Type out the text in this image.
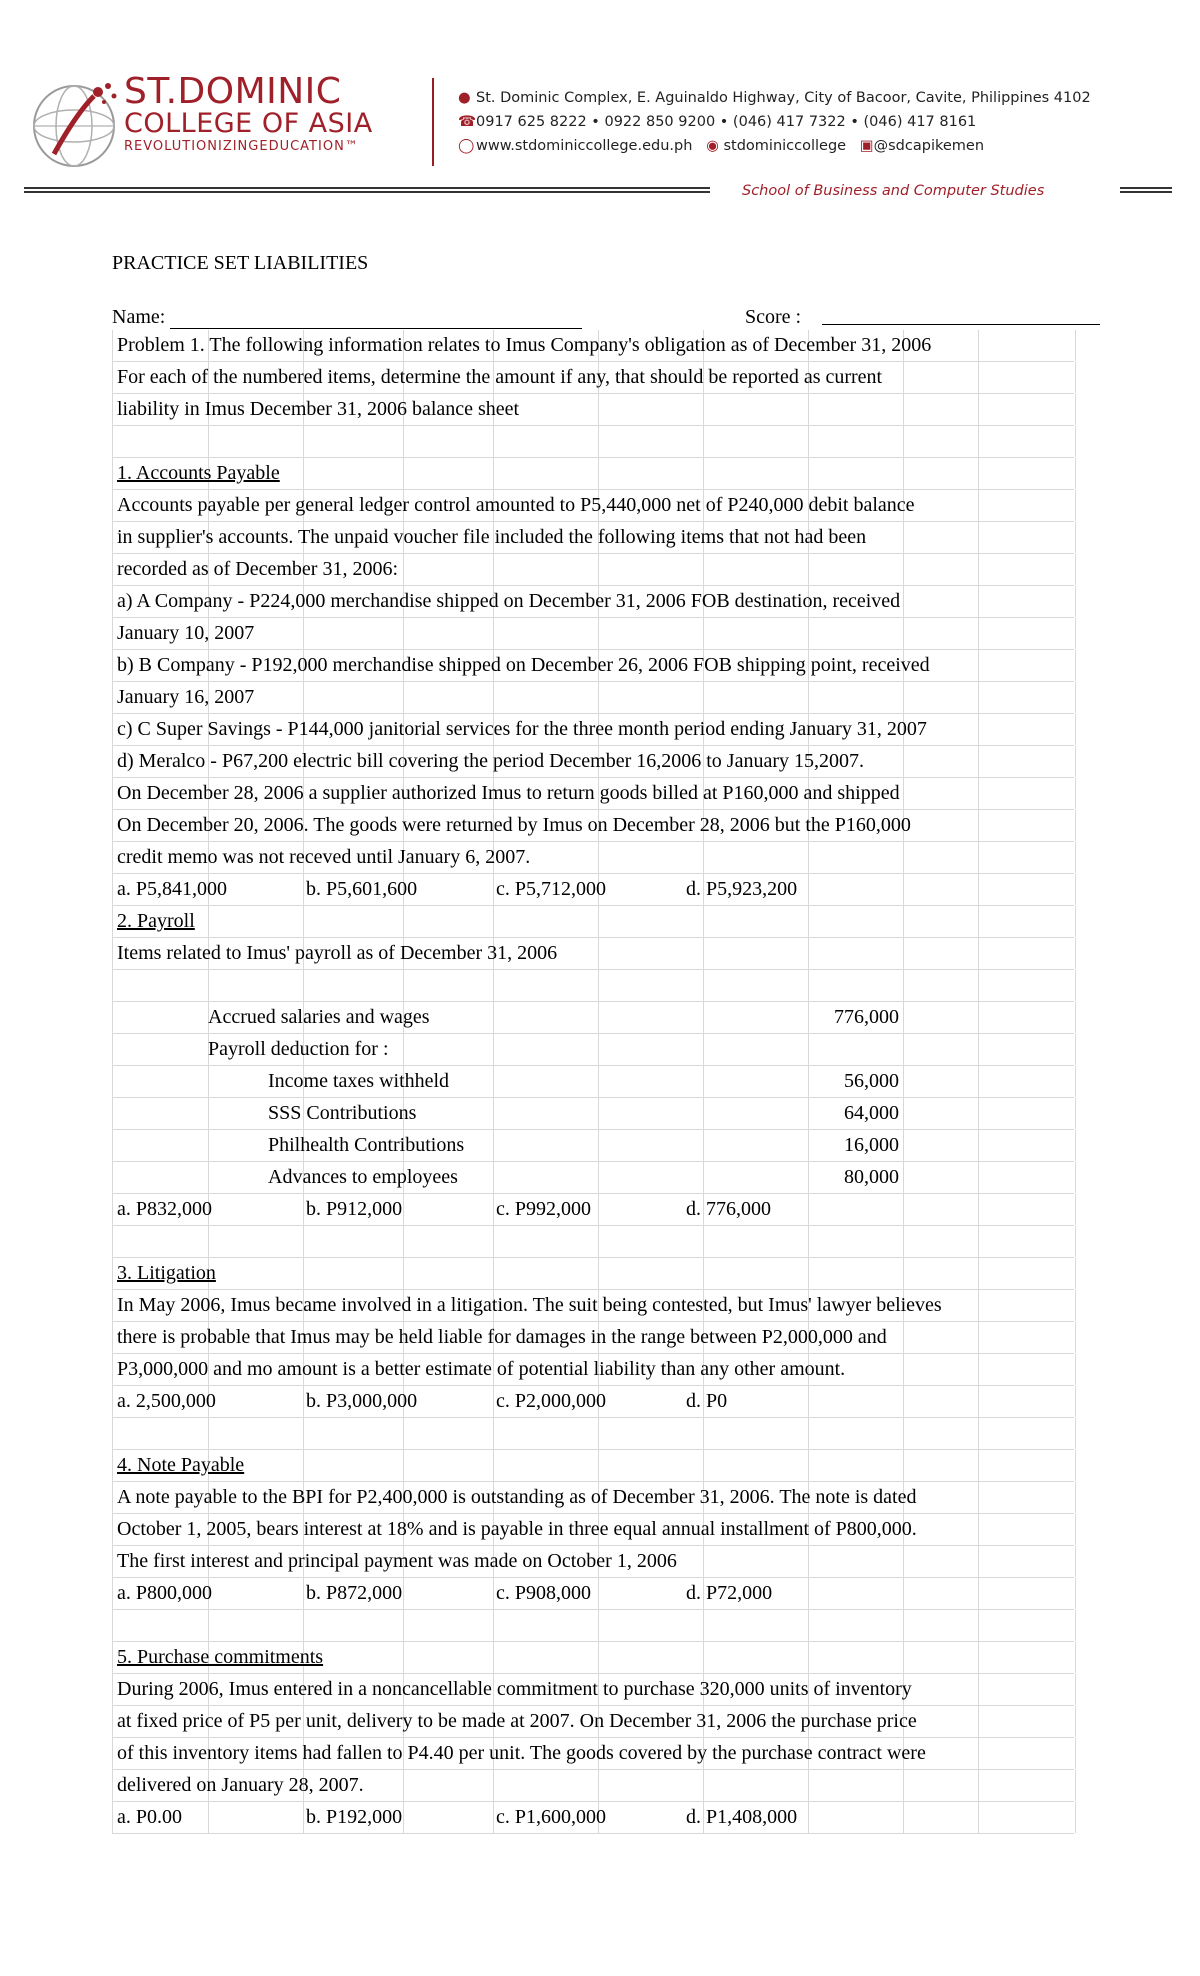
ST.DOMINIC
COLLEGE OF ASIA
REVOLUTIONIZINGEDUCATION™
● St. Dominic Complex, E. Aguinaldo Highway, City of Bacoor, Cavite, Philippines 4102
☎0917 625 8222 • 0922 850 9200 • (046) 417 7322 • (046) 417 8161
◯ www.stdominiccollege.edu.ph ◉ stdominiccollege ▣@sdcapikemen
School of Business and Computer Studies
PRACTICE SET LIABILITIES
Name:	Score :
Problem 1. The following information relates to Imus Company's obligation as of December 31, 2006
For each of the numbered items, determine the amount if any, that should be reported as current
liability in Imus December 31, 2006 balance sheet
1. Accounts Payable
Accounts payable per general ledger control amounted to P5,440,000 net of P240,000 debit balance
in supplier's accounts. The unpaid voucher file included the following items that not had been
recorded as of December 31, 2006:
a) A Company - P224,000 merchandise shipped on December 31, 2006 FOB destination, received
January 10, 2007
b) B Company - P192,000 merchandise shipped on December 26, 2006 FOB shipping point, received
January 16, 2007
c) C Super Savings - P144,000 janitorial services for the three month period ending January 31, 2007
d) Meralco - P67,200 electric bill covering the period December 16,2006 to January 15,2007.
On December 28, 2006 a supplier authorized Imus to return goods billed at P160,000 and shipped
On December 20, 2006. The goods were returned by Imus on December 28, 2006 but the P160,000
credit memo was not receved until January 6, 2007.
a. P5,841,000	b. P5,601,600	c. P5,712,000	d. P5,923,200
2. Payroll
Items related to Imus' payroll as of December 31, 2006
Accrued salaries and wages	776,000
Payroll deduction for :
Income taxes withheld	56,000
SSS Contributions	64,000
Philhealth Contributions	16,000
Advances to employees	80,000
a. P832,000	b. P912,000	c. P992,000	d. 776,000
3. Litigation
In May 2006, Imus became involved in a litigation. The suit being contested, but Imus' lawyer believes
there is probable that Imus may be held liable for damages in the range between P2,000,000 and
P3,000,000 and mo amount is a better estimate of potential liability than any other amount.
a. 2,500,000	b. P3,000,000	c. P2,000,000	d. P0
4. Note Payable
A note payable to the BPI for P2,400,000 is outstanding as of December 31, 2006. The note is dated
October 1, 2005, bears interest at 18% and is payable in three equal annual installment of P800,000.
The first interest and principal payment was made on October 1, 2006
a. P800,000	b. P872,000	c. P908,000	d. P72,000
5. Purchase commitments
During 2006, Imus entered in a noncancellable commitment to purchase 320,000 units of inventory
at fixed price of P5 per unit, delivery to be made at 2007. On December 31, 2006 the purchase price
of this inventory items had fallen to P4.40 per unit. The goods covered by the purchase contract were
delivered on January 28, 2007.
a. P0.00	b. P192,000	c. P1,600,000	d. P1,408,000
